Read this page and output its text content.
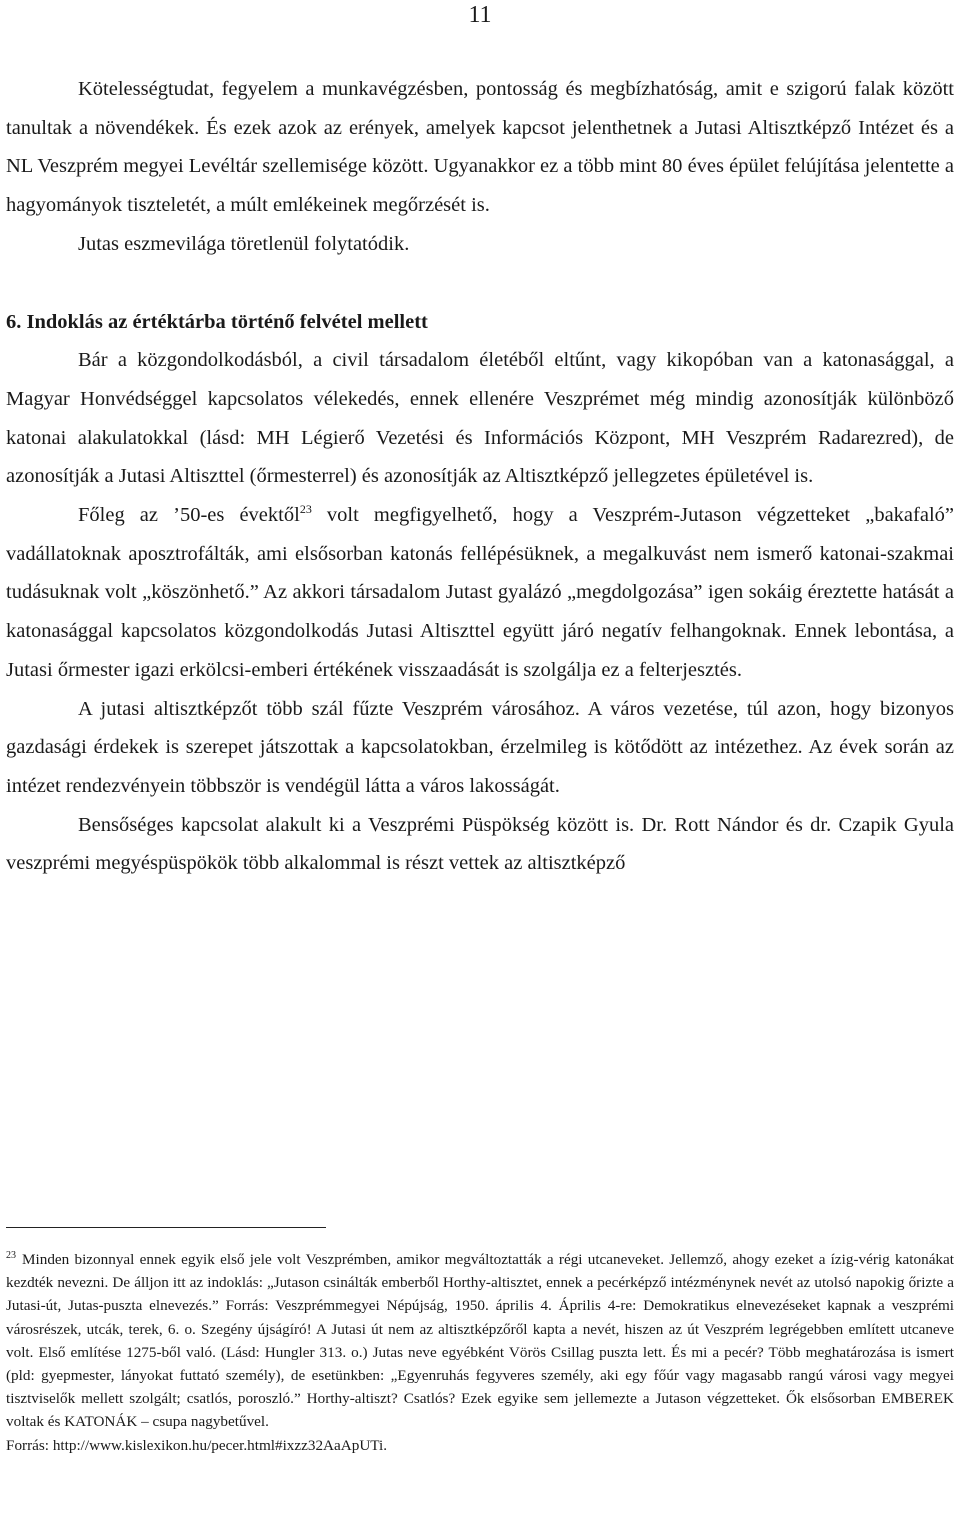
11

Kötelességtudat, fegyelem a munkavégzésben, pontosság és megbízhatóság, amit e szigorú falak között tanultak a növendékek. És ezek azok az erények, amelyek kapcsot jelenthetnek a Jutasi Altisztképző Intézet és a NL Veszprém megyei Levéltár szellemisége között. Ugyanakkor ez a több mint 80 éves épület felújítása jelentette a hagyományok tiszteletét, a múlt emlékeinek megőrzését is.

Jutas eszmevilága töretlenül folytatódik.

6. Indoklás az értéktárba történő felvétel mellett

Bár a közgondolkodásból, a civil társadalom életéből eltűnt, vagy kikopóban van a katonasággal, a Magyar Honvédséggel kapcsolatos vélekedés, ennek ellenére Veszprémet még mindig azonosítják különböző katonai alakulatokkal (lásd: MH Légierő Vezetési és Információs Központ, MH Veszprém Radarezred), de azonosítják a Jutasi Altiszttel (őrmesterrel) és azonosítják az Altisztképző jellegzetes épületével is.

Főleg az ’50-es évektől$^{23}$ volt megfigyelhető, hogy a Veszprém-Jutason végzetteket „bakafaló” vadállatoknak aposztrofálták, ami elsősorban katonás fellépésüknek, a megalkuvást nem ismerő katonai-szakmai tudásuknak volt „köszönhető.” Az akkori társadalom Jutast gyalázó „megdolgozása” igen sokáig éreztette hatását a katonasággal kapcsolatos közgondolkodás Jutasi Altiszttel együtt járó negatív felhangoknak. Ennek lebontása, a Jutasi őrmester igazi erkölcsi-emberi értékének visszaadását is szolgálja ez a felterjesztés.

A jutasi altisztképzőt több szál fűzte Veszprém városához. A város vezetése, túl azon, hogy bizonyos gazdasági érdekek is szerepet játszottak a kapcsolatokban, érzelmileg is kötődött az intézethez. Az évek során az intézet rendezvényein többször is vendégül látta a város lakosságát.

Bensőséges kapcsolat alakult ki a Veszprémi Püspökség között is. Dr. Rott Nándor és dr. Czapik Gyula veszprémi megyéspüspökök több alkalommal is részt vettek az altisztképző

$^{23}$ Minden bizonnyal ennek egyik első jele volt Veszprémben, amikor megváltoztatták a régi utcaneveket. Jellemző, ahogy ezeket a ízig-vérig katonákat kezdték nevezni. De álljon itt az indoklás: „Jutason csinálták emberből Horthy-altisztet, ennek a pecérképző intézménynek nevét az utolsó napokig őrizte a Jutasi-út, Jutas-puszta elnevezés.” Forrás: Veszprémmegyei Népújság, 1950. április 4. Április 4-re: Demokratikus elnevezéseket kapnak a veszprémi városrészek, utcák, terek, 6. o. Szegény újságíró! A Jutasi út nem az altisztképzőről kapta a nevét, hiszen az út Veszprém legrégebben említett utcaneve volt. Első említése 1275-ből való. (Lásd: Hungler 313. o.) Jutas neve egyébként Vörös Csillag puszta lett. És mi a pecér? Több meghatározása is ismert (pld: gyepmester, lányokat futtató személy), de esetünkben: „Egyenruhás fegyveres személy, aki egy főúr vagy magasabb rangú városi vagy megyei tisztviselők mellett szolgált; csatlós, poroszló.” Horthy-altiszt? Csatlós? Ezek egyike sem jellemezte a Jutason végzetteket. Ők elsősorban EMBEREK voltak és KATONÁK – csupa nagybetűvel.

Forrás: http://www.kislexikon.hu/pecer.html#ixzz32AaApUTi.
